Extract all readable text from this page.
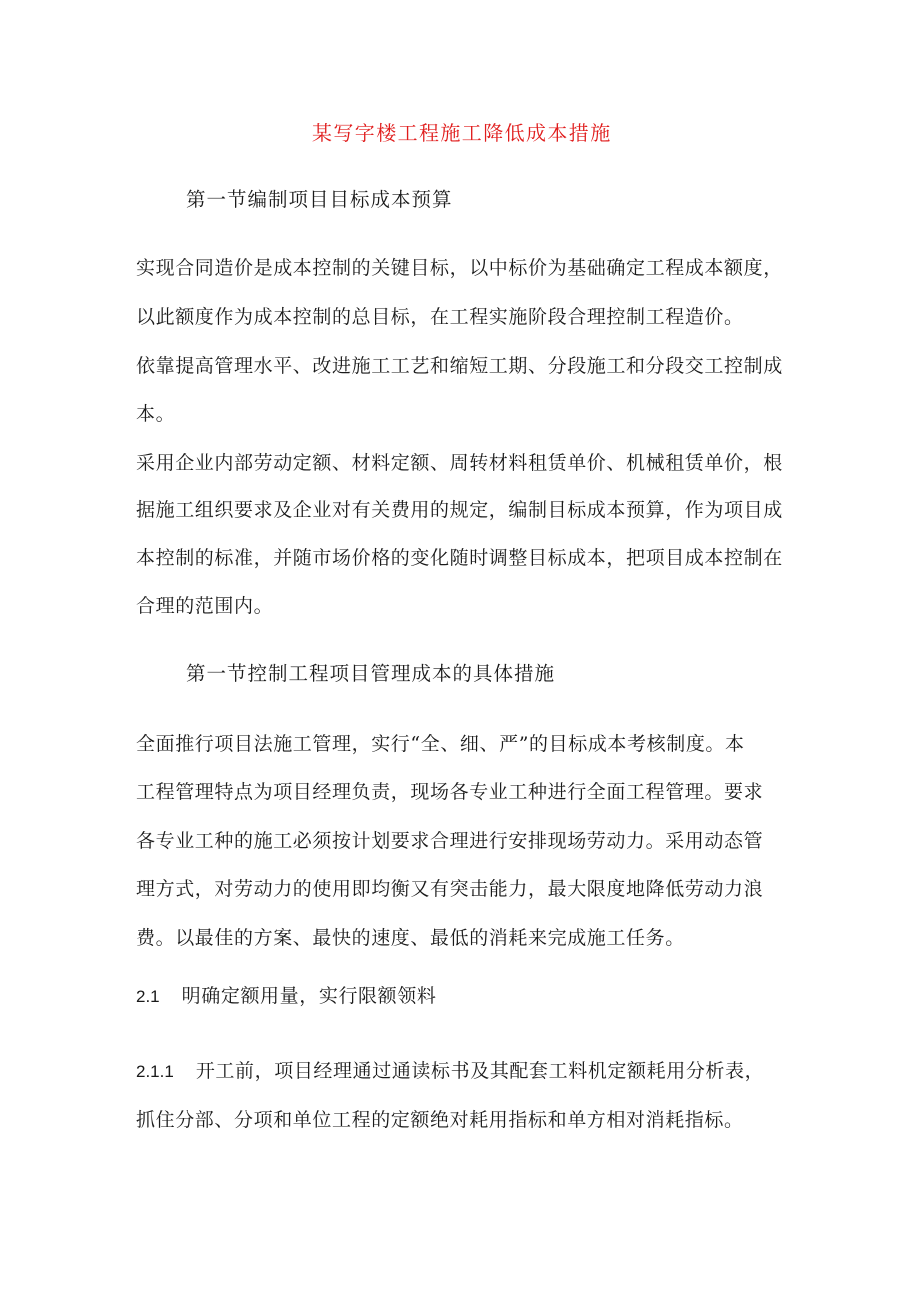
某写字楼工程施工降低成本措施
第一节编制项目目标成本预算
实现合同造价是成本控制的关键目标，以中标价为基础确定工程成本额度，
以此额度作为成本控制的总目标，在工程实施阶段合理控制工程造价。
依靠提高管理水平、改进施工工艺和缩短工期、分段施工和分段交工控制成
本。
采用企业内部劳动定额、材料定额、周转材料租赁单价、机械租赁单价，根
据施工组织要求及企业对有关费用的规定，编制目标成本预算，作为项目成
本控制的标准，并随市场价格的变化随时调整目标成本，把项目成本控制在
合理的范围内。
第一节控制工程项目管理成本的具体措施
全面推行项目法施工管理，实行“全、细、严”的目标成本考核制度。本
工程管理特点为项目经理负责，现场各专业工种进行全面工程管理。要求
各专业工种的施工必须按计划要求合理进行安排现场劳动力。采用动态管
理方式，对劳动力的使用即均衡又有突击能力，最大限度地降低劳动力浪
费。以最佳的方案、最快的速度、最低的消耗来完成施工任务。
2.1 明确定额用量，实行限额领料
2.1.1 开工前，项目经理通过通读标书及其配套工料机定额耗用分析表，
抓住分部、分项和单位工程的定额绝对耗用指标和单方相对消耗指标。
